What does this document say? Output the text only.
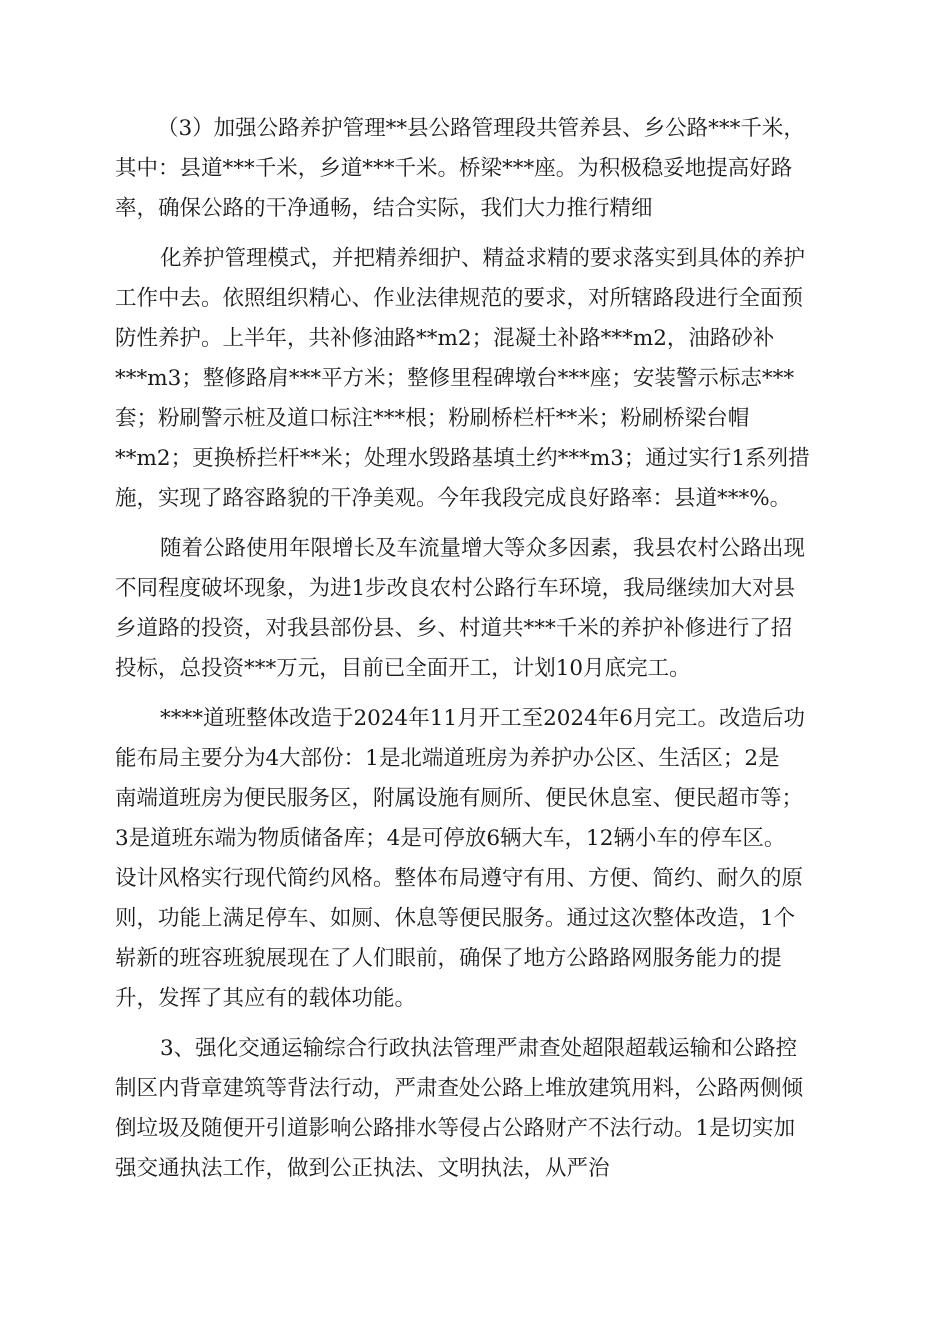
（3）加强公路养护管理**县公路管理段共管养县、乡公路***千米，
其中：县道***千米，乡道***千米。桥梁***座。为积极稳妥地提高好路
率，确保公路的干净通畅，结合实际，我们大力推行精细
化养护管理模式，并把精养细护、精益求精的要求落实到具体的养护
工作中去。依照组织精心、作业法律规范的要求，对所辖路段进行全面预
防性养护。上半年，共补修油路**m2；混凝土补路***m2，油路砂补
***m3；整修路肩***平方米；整修里程碑墩台***座；安装警示标志***
套；粉刷警示桩及道口标注***根；粉刷桥栏杆**米；粉刷桥梁台帽
**m2；更换桥拦杆**米；处理水毁路基填土约***m3；通过实行1系列措
施，实现了路容路貌的干净美观。今年我段完成良好路率：县道***%。
随着公路使用年限增长及车流量增大等众多因素，我县农村公路出现
不同程度破坏现象，为进1步改良农村公路行车环境，我局继续加大对县
乡道路的投资，对我县部份县、乡、村道共***千米的养护补修进行了招
投标，总投资***万元，目前已全面开工，计划10月底完工。
****道班整体改造于2024年11月开工至2024年6月完工。改造后功
能布局主要分为4大部份：1是北端道班房为养护办公区、生活区；2是
南端道班房为便民服务区，附属设施有厕所、便民休息室、便民超市等；
3是道班东端为物质储备库；4是可停放6辆大车，12辆小车的停车区。
设计风格实行现代简约风格。整体布局遵守有用、方便、简约、耐久的原
则，功能上满足停车、如厕、休息等便民服务。通过这次整体改造，1个
崭新的班容班貌展现在了人们眼前，确保了地方公路路网服务能力的提
升，发挥了其应有的载体功能。
3、强化交通运输综合行政执法管理严肃查处超限超载运输和公路控
制区内背章建筑等背法行动，严肃查处公路上堆放建筑用料，公路两侧倾
倒垃圾及随便开引道影响公路排水等侵占公路财产不法行动。1是切实加
强交通执法工作，做到公正执法、文明执法，从严治
